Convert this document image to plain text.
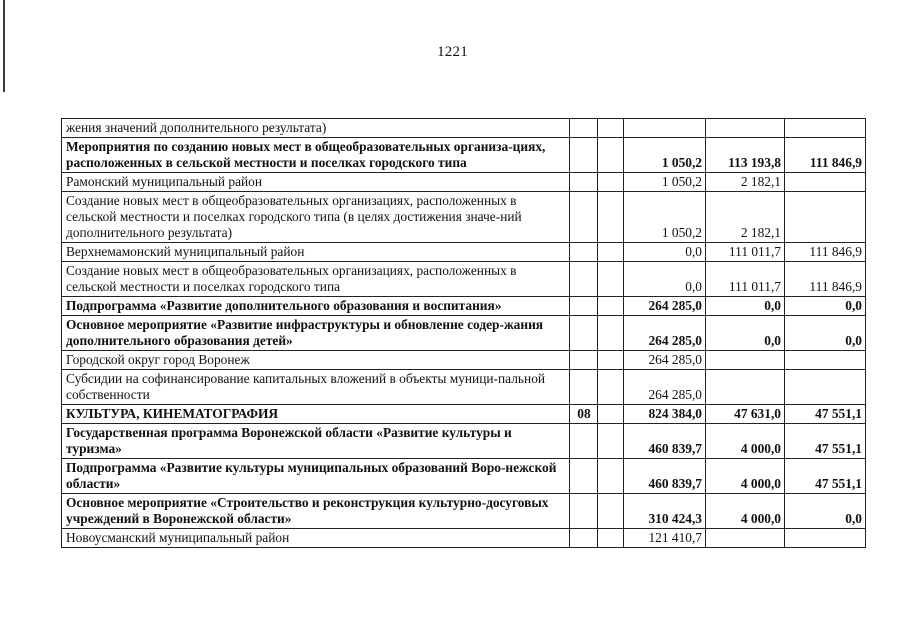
1221
жения значений дополнительного результата)					
Мероприятия по созданию новых мест в общеобразовательных организа-циях, расположенных в сельской местности и поселках городского типа			1 050,2	113 193,8	111 846,9
Рамонский муниципальный район			1 050,2	2 182,1	
Создание новых мест в общеобразовательных организациях, расположенных в сельской местности и поселках городского типа (в целях достижения значе-ний дополнительного результата)			1 050,2	2 182,1	
Верхнемамонский муниципальный район			0,0	111 011,7	111 846,9
Создание новых мест в общеобразовательных организациях, расположенных в сельской местности и поселках городского типа			0,0	111 011,7	111 846,9
Подпрограмма «Развитие дополнительного образования и воспитания»			264 285,0	0,0	0,0
Основное мероприятие «Развитие инфраструктуры и обновление содер-жания дополнительного образования детей»			264 285,0	0,0	0,0
Городской округ город Воронеж			264 285,0		
Субсидии на софинансирование капитальных вложений в объекты муници-пальной собственности			264 285,0		
КУЛЬТУРА, КИНЕМАТОГРАФИЯ	08		824 384,0	47 631,0	47 551,1
Государственная программа Воронежской области «Развитие культуры и туризма»			460 839,7	4 000,0	47 551,1
Подпрограмма «Развитие культуры муниципальных образований Воро-нежской области»			460 839,7	4 000,0	47 551,1
Основное мероприятие «Строительство и реконструкция культурно-досуговых учреждений в Воронежской области»			310 424,3	4 000,0	0,0
Новоусманский муниципальный район			121 410,7		
